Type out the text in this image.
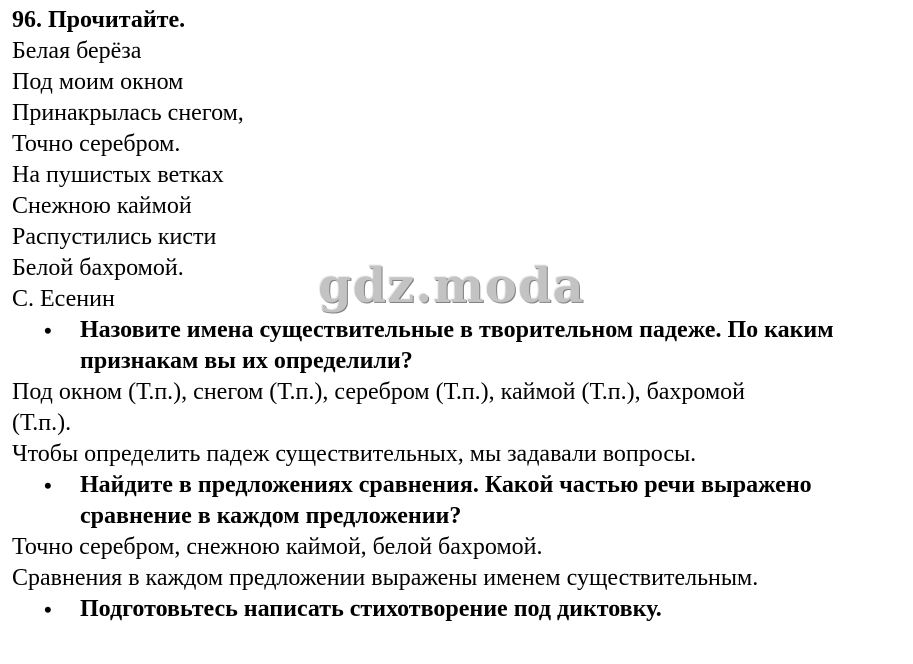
96. Прочитайте.
Белая берёза
Под моим окном
Принакрылась снегом,
Точно серебром.
На пушистых ветках
Снежною каймой
Распустились кисти
Белой бахромой.
С. Есенин
• Назовите имена существительные в творительном падеже. По каким признакам вы их определили?
Под окном (Т.п.), снегом (Т.п.), серебром (Т.п.), каймой (Т.п.), бахромой
(Т.п.).
Чтобы определить падеж существительных, мы задавали вопросы.
• Найдите в предложениях сравнения. Какой частью речи выражено сравнение в каждом предложении?
Точно серебром, снежною каймой, белой бахромой.
Сравнения в каждом предложении выражены именем существительным.
• Подготовьтесь написать стихотворение под диктовку.
gdz.moda
